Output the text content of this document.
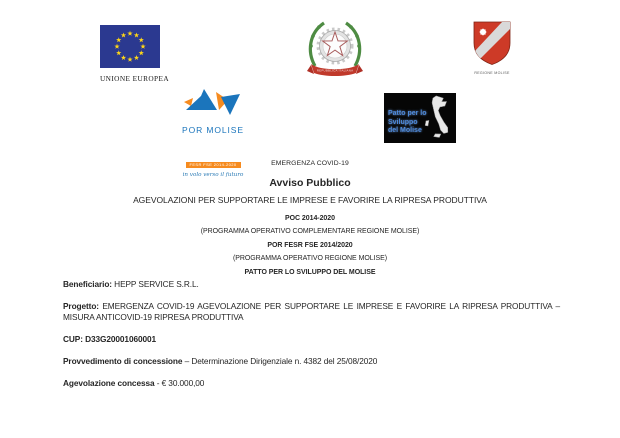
UNIONE EUROPEA
REPUBBLICA ITALIANA
REGIONE MOLISE
POR MOLISE

FESR FSE 2014-2020
in volo verso il futuro
Patto per lo
Sviluppo
del Molise

EMERGENZA COVID-19

Avviso Pubblico

AGEVOLAZIONI PER SUPPORTARE LE IMPRESE E FAVORIRE LA RIPRESA PRODUTTIVA

POC 2014-2020

(PROGRAMMA OPERATIVO COMPLEMENTARE REGIONE MOLISE)

POR FESR FSE 2014/2020

(PROGRAMMA OPERATIVO REGIONE MOLISE)

PATTO PER LO SVILUPPO DEL MOLISE

Beneficiario: HEPP SERVICE S.R.L.

Progetto: EMERGENZA COVID-19 AGEVOLAZIONE PER SUPPORTARE LE IMPRESE E FAVORIRE LA RIPRESA PRODUTTIVA – MISURA ANTICOVID-19 RIPRESA PRODUTTIVA

CUP: D33G20001060001

Provvedimento di concessione – Determinazione Dirigenziale n. 4382 del 25/08/2020

Agevolazione concessa - € 30.000,00
